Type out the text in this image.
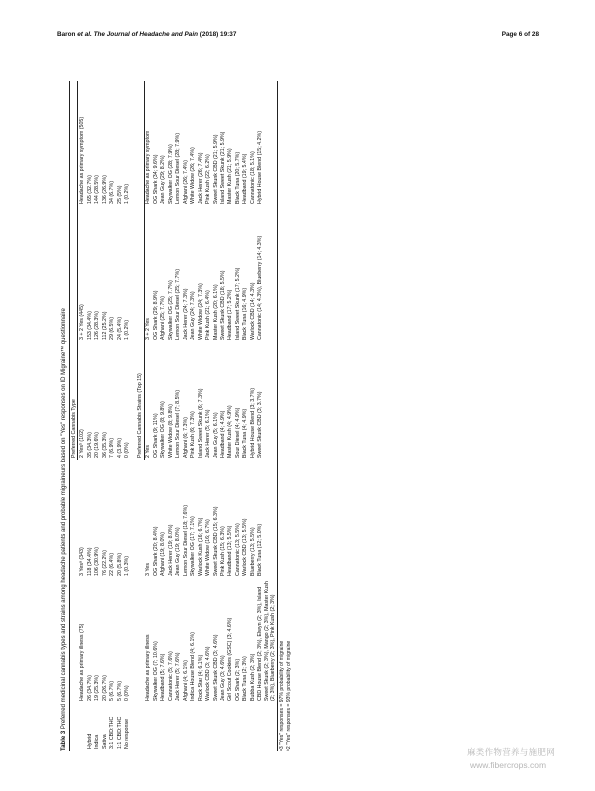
Baron et al. The Journal of Headache and Pain (2018) 19:37	Page 6 of 28
Table 3 Preferred medicinal cannabis types and strains among headache patients and probable migraineurs based on "Yes" responses on ID Migraine™ questionnaire
			Preferred Cannabis Type		
	Headache as primary illness (75)	3 Yesᵃ (343)	2 Yesᵇ (102)	3 + 2 Yes (445)	Headache as primary symptom (505)
Hybrid	26 (34.7%)	118 (34.4%)	35 (34.3%)	153 (34.4%)	165 (32.7%)
Indica	19 (25.3%)	106 (30.9%)	20 (19.6%)	126 (28.3%)	144 (28.5%)
Sativa	20 (26.7%)	76 (22.2%)	36 (35.3%)	112 (25.2%)	136 (26.9%)
3:1 CBD:THC	5 (6.7%)	22 (6.4%)	7 (6.9%)	29 (6.5%)	34 (6.7%)
1:1 CBD:THC	5 (6.7%)	20 (5.8%)	4 (3.9%)	24 (5.4%)	25 (5%)
No response	0 (0%)	1 (0.3%)	0 (0%)	1 (0.2%)	1 (0.2%)

			Preferred Cannabis Strains (Top 15)		
	Headache as primary illness	3 Yes	2 Yes	3 + 2 Yes	Headache as primary symptom
	Skywalker OG (7; 10.6%)	OG Shark (20; 8.4%)	OG Shark (9; 11%)	OG Shark (29; 8.9%)	OG Shark (34; 9.6%)
	Headband (5; 7.6%)	Afghani (19; 8.0%)	Skywalker OG (8; 9.8%)	Afghani (25; 7.7%)	Jean Guy (29; 8.2%)
	Cannatonic (5; 7.6%)	Jack Herer (19; 8.0%)	White Widow (8; 9.8%)	Skywalker OG (25; 7.7%)	Skywalker OG (28; 7.9%)
	Jack Herer (5; 7.6%)	Jean Guy (19; 8.0%)	Lemon Sour Diesel (7; 8.5%)	Lemon Sour Diesel (25; 7.7%)	Lemon Sour Diesel (28; 7.9%)
	Afghani (4; 6.1%)	Lemon Sour Diesel (18; 7.6%)	Afghani (6; 7.3%)	Jack Herer (24; 7.3%)	Afghani (26; 7.4%)
	Indica House Blend (4; 6.1%)	Skywalker OG (17; 7.1%)	Pink Kush (6; 7.3%)	Jean Guy (24; 7.3%)	White Widow (26; 7.4%)
	Rock Star (4; 6.1%)	Warlock Kush (16; 6.7%)	Island Sweet Skunk (6; 7.3%)	White Widow (24; 7.3%)	Jack Herer (26; 7.4%)
	Warlock CBD (3; 4.6%)	White Widow (16; 6.7%)	Jack Herer (5; 6.1%)	Pink Kush (21; 6.4%)	Pink Kush (22; 6.2%)
	Sweet Skunk CBD (3; 4.6%)	Sweet Skunk CBD (15; 6.3%)	Jean Guy (5; 6.1%)	Master Kush (20; 6.1%)	Sweet Skunk CBD (21; 5.9%)
	Jean Guy (3; 4.6%)	Pink Kush (15; 6.3%)	Headband (4; 4.9%)	Sweet Skunk CBD (18; 5.5%)	Island Sweet Skunk (21; 5.9%)
	Girl Scout Cookies (GSC) (3; 4.6%)	Headband (13; 5.5%)	Master Kush (4; 4.9%)	Headband (17; 5.2%)	Master Kush (21; 5.9%)
	OG Shark (2; 3%)	Cannatonic (13; 5.5%)	Sour Diesel (4; 4.9%)	Island Sweet Skunk (17; 5.2%)	Black Tuna (20; 5.7%)
	Black Tuna (2; 3%)	Warlock CBD (13; 5.5%)	Black Tuna (4; 4.9%)	Black Tuna (16; 4.9%)	Headband (19; 5.4%)
	Bubba Kush (2; 3%)	Blueberry (13; 5.5%)	Hybrid House Blend (3; 3.7%)	Warlock CBD (14; 4.3%)	Cannatonic (18; 5.1%)
	CBD House Blend (2; 3%), Elwyn (2; 3%), Island Sweet Skunk (2; 3%), Mango (2; 3%), Master Kush (2; 3%), Blueberry (2; 3%), Pink Kush (2; 3%)	Black Tuna (12; 5.0%)	Sweet Skunk CBD (3; 3.7%)	Cannatonic (14; 4.3%), Blueberry (14; 4.3%)	Hybrid House Blend (15; 4.2%)
ᵃ3 "Yes" responses = 97% probability of migraine ᵇ2 "Yes" responses = 93% probability of migraine
麻类作物营养与施肥网
www.fibercrops.com
